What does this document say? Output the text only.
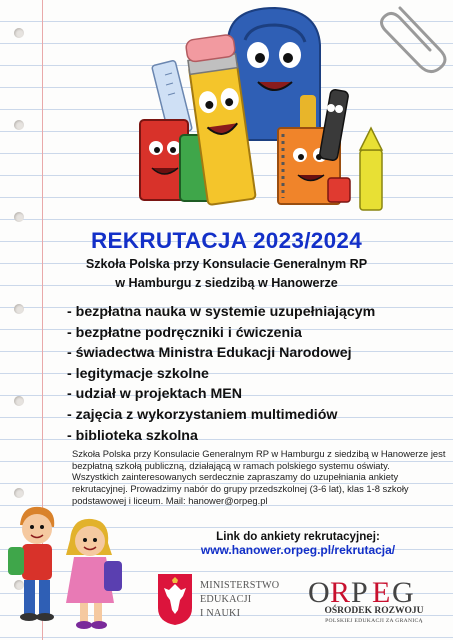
REKRUTACJA 2023/2024
Szkoła Polska przy Konsulacie Generalnym RP
w Hamburgu z siedzibą w Hanowerze
- bezpłatna nauka w systemie uzupełniającym
- bezpłatne podręczniki i ćwiczenia
- świadectwa Ministra Edukacji Narodowej
- legitymacje szkolne
- udział w projektach MEN
- zajęcia z wykorzystaniem multimediów
- biblioteka szkolna

Szkoła Polska przy Konsulacie Generalnym RP w Hamburgu z siedzibą w Hanowerze jest bezpłatną szkołą publiczną, działającą w ramach polskiego systemu oświaty.

Wszystkich zainteresowanych serdecznie zapraszamy do uzupełniania ankiety rekrutacyjnej. Prowadzimy nabór do grupy przedszkolnej (3-6 lat), klas 1-8 szkoły podstawowej i liceum. Mail: hanower@orpeg.pl

Link do ankiety rekrutacyjnej:
www.hanower.orpeg.pl/rekrutacja/
MINISTERSTWO
EDUKACJI
I NAUKI
O R P E G
OŚRODEK ROZWOJU
POLSKIEJ EDUKACJI ZA GRANICĄ
